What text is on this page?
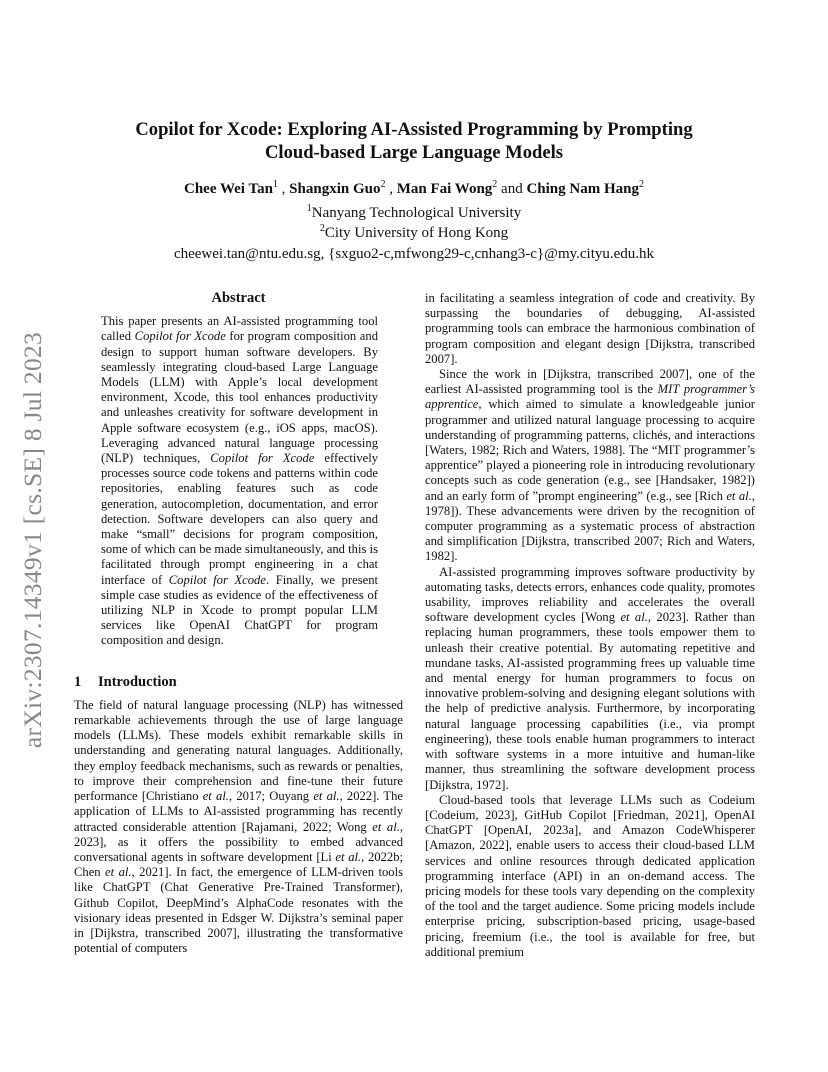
arXiv:2307.14349v1 [cs.SE] 8 Jul 2023
Copilot for Xcode: Exploring AI-Assisted Programming by Prompting
Cloud-based Large Language Models
Chee Wei Tan$^1$ , Shangxin Guo$^2$ , Man Fai Wong$^2$ and Ching Nam Hang$^2$
$^1$Nanyang Technological University
$^2$City University of Hong Kong
cheewei.tan@ntu.edu.sg, {sxguo2-c,mfwong29-c,cnhang3-c}@my.cityu.edu.hk
Abstract
This paper presents an AI-assisted programming tool called Copilot for Xcode for program composition and design to support human software developers. By seamlessly integrating cloud-based Large Language Models (LLM) with Apple’s local development environment, Xcode, this tool enhances productivity and unleashes creativity for software development in Apple software ecosystem (e.g., iOS apps, macOS). Leveraging advanced natural language processing (NLP) techniques, Copilot for Xcode effectively processes source code tokens and patterns within code repositories, enabling features such as code generation, autocompletion, documentation, and error detection. Software developers can also query and make “small” decisions for program composition, some of which can be made simultaneously, and this is facilitated through prompt engineering in a chat interface of Copilot for Xcode. Finally, we present simple case studies as evidence of the effectiveness of utilizing NLP in Xcode to prompt popular LLM services like OpenAI ChatGPT for program composition and design.
1 Introduction

The field of natural language processing (NLP) has witnessed remarkable achievements through the use of large language models (LLMs). These models exhibit remarkable skills in understanding and generating natural languages. Additionally, they employ feedback mechanisms, such as rewards or penalties, to improve their comprehension and fine-tune their future performance [Christiano et al., 2017; Ouyang et al., 2022]. The application of LLMs to AI-assisted programming has recently attracted considerable attention [Rajamani, 2022; Wong et al., 2023], as it offers the possibility to embed advanced conversational agents in software development [Li et al., 2022b; Chen et al., 2021]. In fact, the emergence of LLM-driven tools like ChatGPT (Chat Generative Pre-Trained Transformer), Github Copilot, DeepMind’s AlphaCode resonates with the visionary ideas presented in Edsger W. Dijkstra’s seminal paper in [Dijkstra, transcribed 2007], illustrating the transformative potential of computers

in facilitating a seamless integration of code and creativity. By surpassing the boundaries of debugging, AI-assisted programming tools can embrace the harmonious combination of program composition and elegant design [Dijkstra, transcribed 2007].

Since the work in [Dijkstra, transcribed 2007], one of the earliest AI-assisted programming tool is the MIT programmer’s apprentice, which aimed to simulate a knowledgeable junior programmer and utilized natural language processing to acquire understanding of programming patterns, clichés, and interactions [Waters, 1982; Rich and Waters, 1988]. The “MIT programmer’s apprentice” played a pioneering role in introducing revolutionary concepts such as code generation (e.g., see [Handsaker, 1982]) and an early form of ”prompt engineering” (e.g., see [Rich et al., 1978]). These advancements were driven by the recognition of computer programming as a systematic process of abstraction and simplification [Dijkstra, transcribed 2007; Rich and Waters, 1982].

AI-assisted programming improves software productivity by automating tasks, detects errors, enhances code quality, promotes usability, improves reliability and accelerates the overall software development cycles [Wong et al., 2023]. Rather than replacing human programmers, these tools empower them to unleash their creative potential. By automating repetitive and mundane tasks, AI-assisted programming frees up valuable time and mental energy for human programmers to focus on innovative problem-solving and designing elegant solutions with the help of predictive analysis. Furthermore, by incorporating natural language processing capabilities (i.e., via prompt engineering), these tools enable human programmers to interact with software systems in a more intuitive and human-like manner, thus streamlining the software development process [Dijkstra, 1972].

Cloud-based tools that leverage LLMs such as Codeium [Codeium, 2023], GitHub Copilot [Friedman, 2021], OpenAI ChatGPT [OpenAI, 2023a], and Amazon CodeWhisperer [Amazon, 2022], enable users to access their cloud-based LLM services and online resources through dedicated application programming interface (API) in an on-demand access. The pricing models for these tools vary depending on the complexity of the tool and the target audience. Some pricing models include enterprise pricing, subscription-based pricing, usage-based pricing, freemium (i.e., the tool is available for free, but additional premium
